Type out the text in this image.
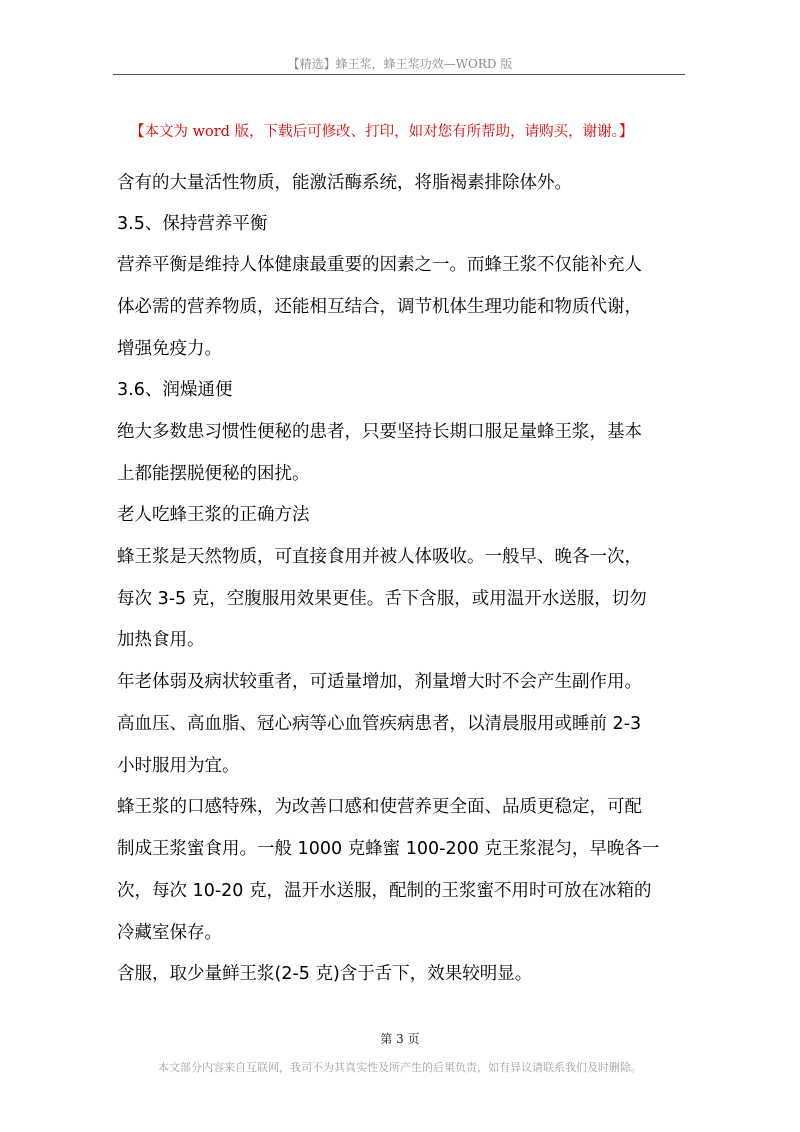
【精选】蜂王浆，蜂王浆功效—WORD 版
【本文为 word 版，下载后可修改、打印，如对您有所帮助，请购买，谢谢。】
含有的大量活性物质，能激活酶系统，将脂褐素排除体外。
3.5、保持营养平衡
营养平衡是维持人体健康最重要的因素之一。而蜂王浆不仅能补充人
体必需的营养物质，还能相互结合，调节机体生理功能和物质代谢，
增强免疫力。
3.6、润燥通便
绝大多数患习惯性便秘的患者，只要坚持长期口服足量蜂王浆，基本
上都能摆脱便秘的困扰。
老人吃蜂王浆的正确方法
蜂王浆是天然物质，可直接食用并被人体吸收。一般早、晚各一次，
每次 3-5 克，空腹服用效果更佳。舌下含服，或用温开水送服，切勿
加热食用。
年老体弱及病状较重者，可适量增加，剂量增大时不会产生副作用。
高血压、高血脂、冠心病等心血管疾病患者，以清晨服用或睡前 2-3
小时服用为宜。
蜂王浆的口感特殊，为改善口感和使营养更全面、品质更稳定，可配
制成王浆蜜食用。一般 1000 克蜂蜜 100-200 克王浆混匀，早晚各一
次，每次 10-20 克，温开水送服，配制的王浆蜜不用时可放在冰箱的
冷藏室保存。
含服，取少量鲜王浆(2-5 克)含于舌下，效果较明显。
第 3 页
本文部分内容来自互联网，我司不为其真实性及所产生的后果负责，如有异议请联系我们及时删除。
